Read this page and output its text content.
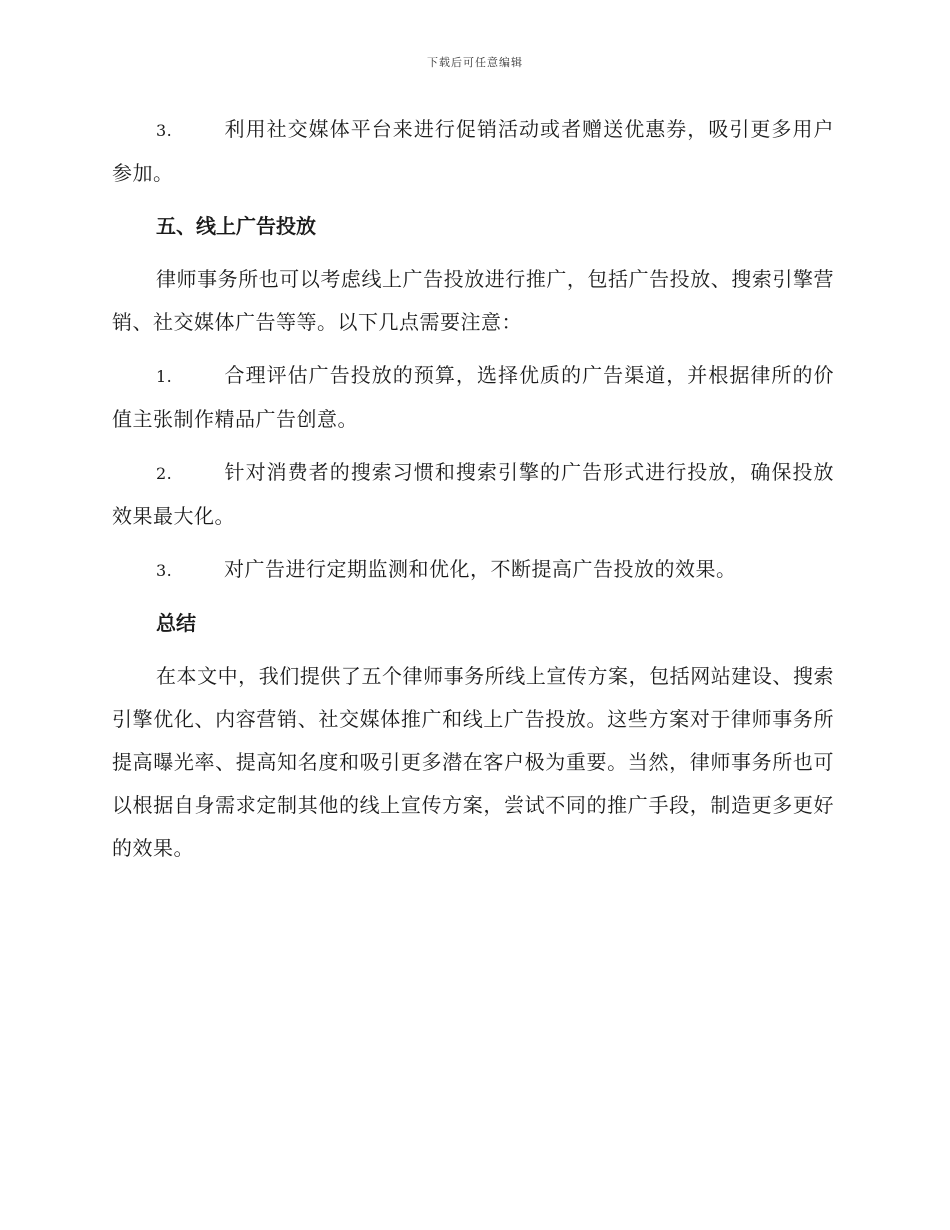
下载后可任意编辑

3.	利用社交媒体平台来进行促销活动或者赠送优惠券，吸引更多用户参加。

五、线上广告投放

律师事务所也可以考虑线上广告投放进行推广，包括广告投放、搜索引擎营销、社交媒体广告等等。以下几点需要注意：

1.	合理评估广告投放的预算，选择优质的广告渠道，并根据律所的价值主张制作精品广告创意。

2.	针对消费者的搜索习惯和搜索引擎的广告形式进行投放，确保投放效果最大化。

3.	对广告进行定期监测和优化，不断提高广告投放的效果。

总结

在本文中，我们提供了五个律师事务所线上宣传方案，包括网站建设、搜索引擎优化、内容营销、社交媒体推广和线上广告投放。这些方案对于律师事务所提高曝光率、提高知名度和吸引更多潜在客户极为重要。当然，律师事务所也可以根据自身需求定制其他的线上宣传方案，尝试不同的推广手段，制造更多更好的效果。
